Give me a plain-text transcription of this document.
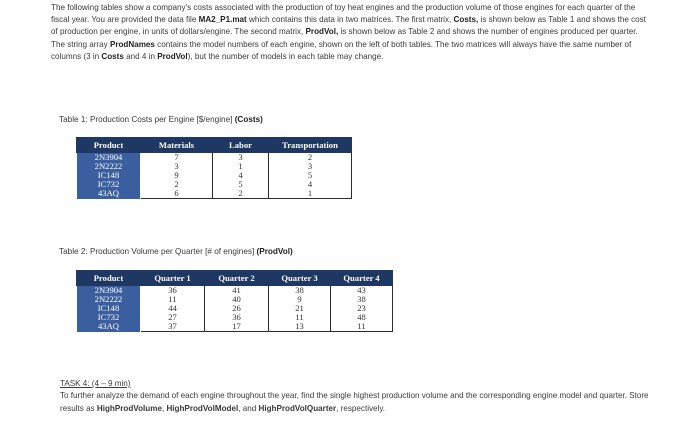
The following tables show a company's costs associated with the production of toy heat engines and the production volume of those engines for each quarter of the fiscal year. You are provided the data file MA2_P1.mat which contains this data in two matrices. The first matrix, Costs, is shown below as Table 1 and shows the cost of production per engine, in units of dollars/engine. The second matrix, ProdVol, is shown below as Table 2 and shows the number of engines produced per quarter. The string array ProdNames contains the model numbers of each engine, shown on the left of both tables. The two matrices will always have the same number of columns (3 in Costs and 4 in ProdVol), but the number of models in each table may change.
Table 1: Production Costs per Engine [$/engine] (Costs)
Product	Materials	Labor	Transportation
2N3904	7	3	2
2N2222	3	1	3
IC148	9	4	5
IC732	2	5	4
43AQ	6	2	1
Table 2: Production Volume per Quarter [# of engines] (ProdVol)
Product	Quarter 1	Quarter 2	Quarter 3	Quarter 4
2N3904	36	41	38	43
2N2222	11	40	9	38
IC148	44	26	21	23
IC732	27	36	11	48
43AQ	37	17	13	11
TASK 4: (4 – 9 min)
To further analyze the demand of each engine throughout the year, find the single highest production volume and the corresponding engine model and quarter. Store results as HighProdVolume, HighProdVolModel, and HighProdVolQuarter, respectively.
